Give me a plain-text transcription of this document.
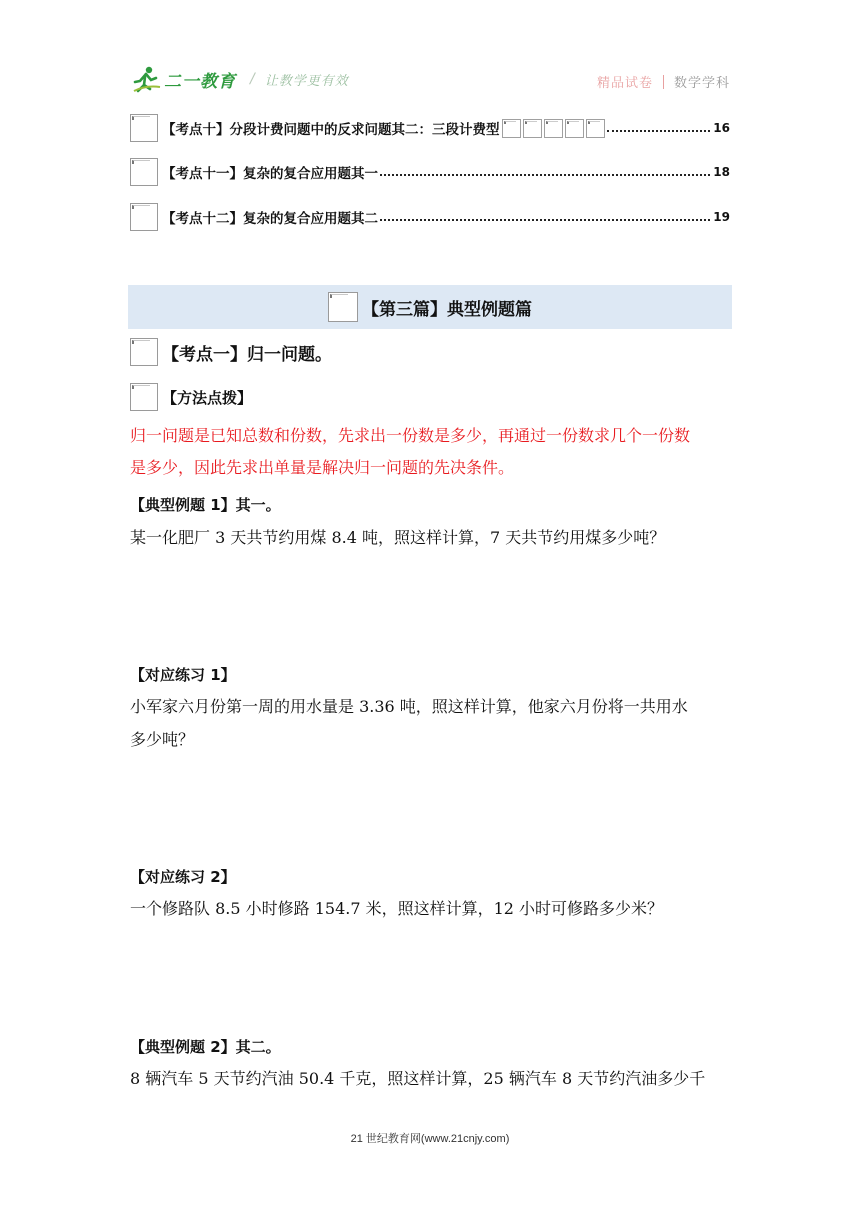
二一教育 / 让教学更有效	精品试卷 数学学科
【考点十】分段计费问题中的反求问题其二：三段计费型	16
【考点十一】复杂的复合应用题其一	18
【考点十二】复杂的复合应用题其二	19
【第三篇】典型例题篇
【考点一】归一问题。
【方法点拨】
归一问题是已知总数和份数，先求出一份数是多少，再通过一份数求几个一份数
是多少，因此先求出单量是解决归一问题的先决条件。
【典型例题 1】其一。
某一化肥厂 3 天共节约用煤 8.4 吨，照这样计算，7 天共节约用煤多少吨？
【对应练习 1】
小军家六月份第一周的用水量是 3.36 吨，照这样计算，他家六月份将一共用水
多少吨？
【对应练习 2】
一个修路队 8.5 小时修路 154.7 米，照这样计算，12 小时可修路多少米？
【典型例题 2】其二。
8 辆汽车 5 天节约汽油 50.4 千克，照这样计算，25 辆汽车 8 天节约汽油多少千
21 世纪教育网(www.21cnjy.com)
